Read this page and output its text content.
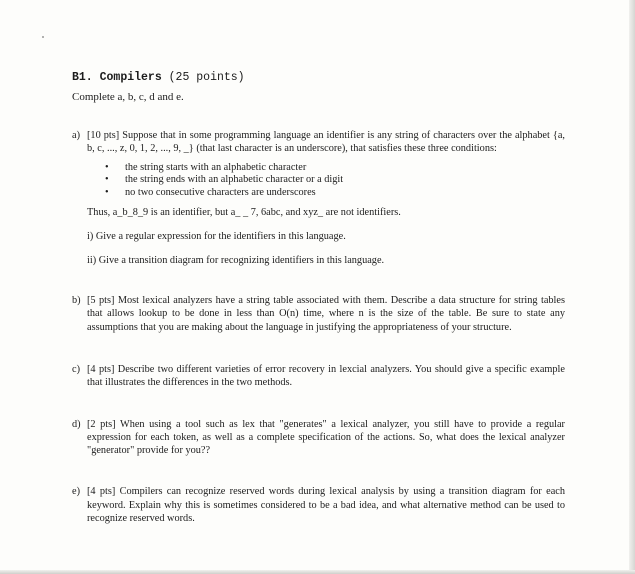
B1. Compilers (25 points)

Complete a, b, c, d and e.

a) [10 pts] Suppose that in some programming language an identifier is any string of characters over the alphabet {a, b, c, ..., z, 0, 1, 2, ..., 9, _} (that last character is an underscore), that satisfies these three conditions:
• the string starts with an alphabetic character
• the string ends with an alphabetic character or a digit
• no two consecutive characters are underscores

Thus, a_b_8_9 is an identifier, but a_ _ 7, 6abc, and xyz_ are not identifiers.

i) Give a regular expression for the identifiers in this language.

ii) Give a transition diagram for recognizing identifiers in this language.

b) [5 pts] Most lexical analyzers have a string table associated with them. Describe a data structure for string tables that allows lookup to be done in less than O(n) time, where n is the size of the table. Be sure to state any assumptions that you are making about the language in justifying the appropriateness of your structure.
c) [4 pts] Describe two different varieties of error recovery in lexcial analyzers. You should give a specific example that illustrates the differences in the two methods.
d) [2 pts] When using a tool such as lex that "generates" a lexical analyzer, you still have to provide a regular expression for each token, as well as a complete specification of the actions. So, what does the lexical analyzer "generator" provide for you??
e) [4 pts] Compilers can recognize reserved words during lexical analysis by using a transition diagram for each keyword. Explain why this is sometimes considered to be a bad idea, and what alternative method can be used to recognize reserved words.
